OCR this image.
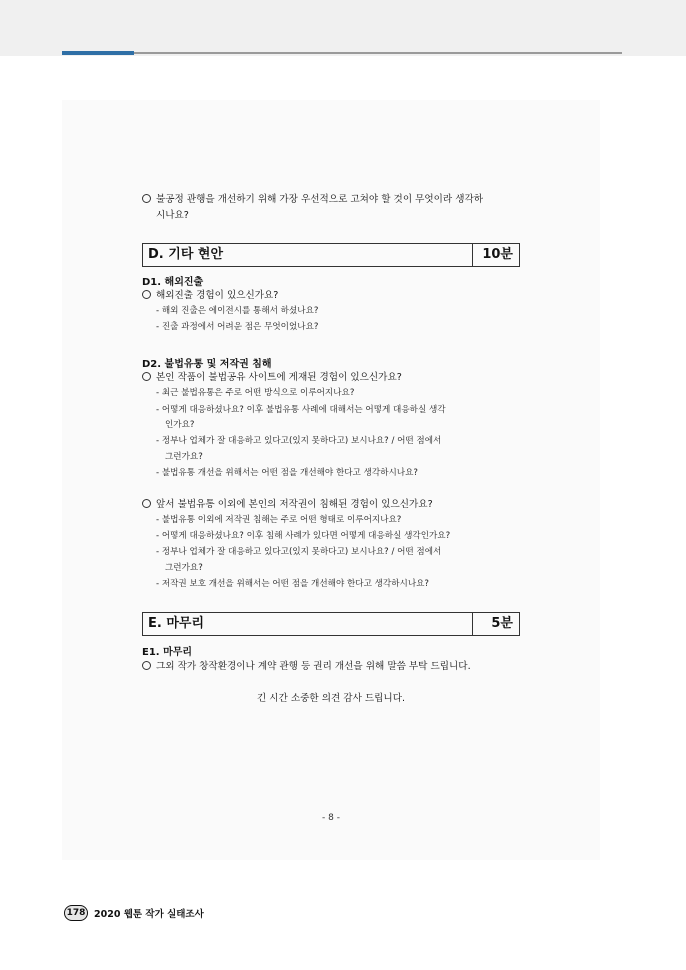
불공정 관행을 개선하기 위해 가장 우선적으로 고쳐야 할 것이 무엇이라 생각하
시나요?
D. 기타 현안	10분
D1. 해외진출
해외진출 경험이 있으신가요?
- 해외 진출은 에이전시를 통해서 하셨나요?
- 진출 과정에서 어려운 점은 무엇이었나요?
D2. 불법유통 및 저작권 침해
본인 작품이 불법공유 사이트에 게재된 경험이 있으신가요?
- 최근 불법유통은 주로 어떤 방식으로 이루어지나요?
- 어떻게 대응하셨나요? 이후 불법유통 사례에 대해서는 어떻게 대응하실 생각
인가요?
- 정부나 업체가 잘 대응하고 있다고(있지 못하다고) 보시나요? / 어떤 점에서
그런가요?
- 불법유통 개선을 위해서는 어떤 점을 개선해야 한다고 생각하시나요?
앞서 불법유통 이외에 본인의 저작권이 침해된 경험이 있으신가요?
- 불법유통 이외에 저작권 침해는 주로 어떤 형태로 이루어지나요?
- 어떻게 대응하셨나요? 이후 침해 사례가 있다면 어떻게 대응하실 생각인가요?
- 정부나 업체가 잘 대응하고 있다고(있지 못하다고) 보시나요? / 어떤 점에서
그런가요?
- 저작권 보호 개선을 위해서는 어떤 점을 개선해야 한다고 생각하시나요?
E. 마무리	5분
E1. 마무리
그외 작가 창작환경이나 계약 관행 등 권리 개선을 위해 말씀 부탁 드립니다.
긴 시간 소중한 의견 감사 드립니다.
- 8 -
178 2020 웹툰 작가 실태조사
